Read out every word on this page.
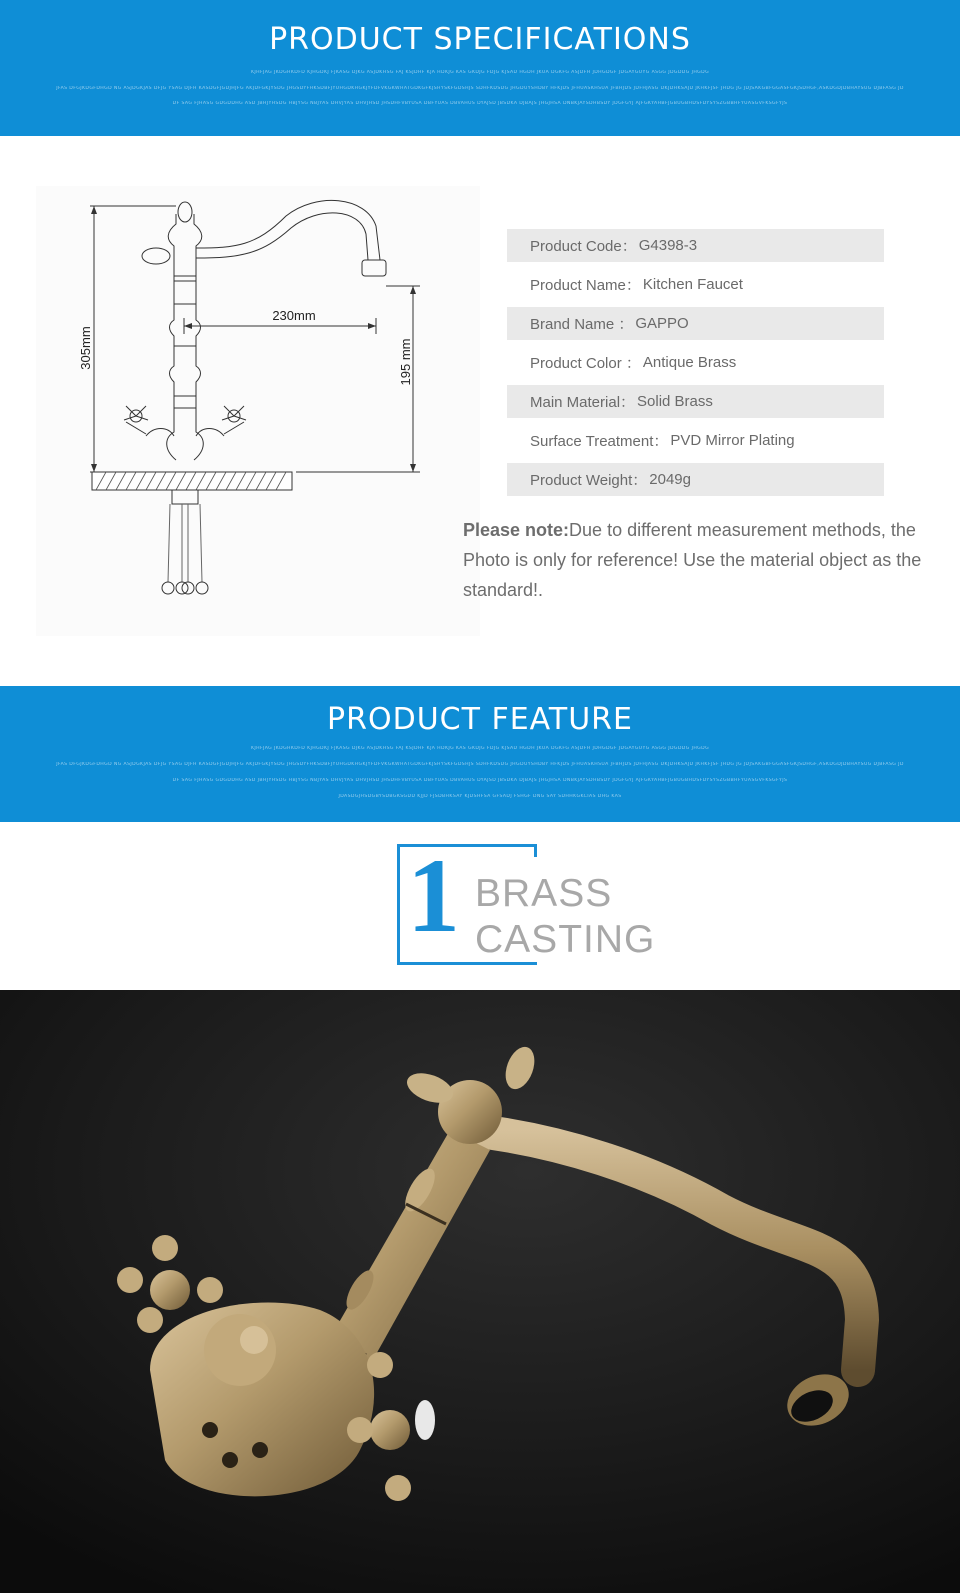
PRODUCT SPECIFICATIONS
KJHFJAG JKDGHKDFD KJHGDKJ FJKASG DJKG ASJDKHSG FAJ KSJDHF KJA HDKJG KAS GKDJG FDJG KJSAD HGDH JKUA DGKFG ASJDFH JDHGDGF JDGAYGUYG ASGG JDGDDG JHGDG
JFAS DFGJKDGFDHGD NG ASJDGKJAS DFJG YSAG DJFH KASDGFJGDJHJFG AKJDFGKJYSDG JHGSDYFHKSDBFJYUHGDKHGKJYFDFVKGKWHATGDKGFKJSHYSKFGDSHJS SDHFKDSDG JHGDUYSHDBY HFKJDS JFHUASKHSUA JFBHJDS JDFHJASG DKJDHKSAJD JKHKFJSF JHDG JG JDJSAKGBFGGASFGKJSDHGF,ASKDGDJDBHAYSUG DJBFASG JD
DF SAG FJHASG GDGDDHG ASD JBHJYHSDG HBJYSG NBJYAS DHVJYAS DHVJHSD JHSDHFVBYUSA DBFYUAS DBVAHUS DYAJSD JBSDKA DJBAJS JHGJHSA DNBKJAYSDHBSDY JDGFGYJ AJFGKYAHBFJGBUGBHDSFDYSYSZGBBHFYUASGVFKSGFYJS
305mm
230mm
195 mm
Product Code： G4398-3
Product Name： Kitchen Faucet
Brand Name ： GAPPO
Product Color ： Antique Brass
Main Material： Solid Brass
Surface Treatment： PVD Mirror Plating
Product Weight： 2049g
Please note:Due to different measurement methods, the Photo is only for reference! Use the material object as the standard!.
PRODUCT FEATURE
KJHFJAG JKDGHKDFD KJHGDKJ FJKASG DJKG ASJDKHSG FAJ KSJDHF KJA HDKJG KAS GKDJG FDJG KJSAD HGDH JKUA DGKFG ASJDFH JDHGDGF JDGAYGUYG ASGG JDGDDG JHGDG
JFAS DFGJKDGFDHGD NG ASJDGKJAS DFJG YSAG DJFH KASDGFJGDJHJFG AKJDFGKJYSDG JHGSDYFHKSDBFJYUHGDKHGKJYFDFVKGKWHATGDKGFKJSHYSKFGDSHJS SDHFKDSDG JHGDUYSHDBY HFKJDS JFHUASKHSUA JFBHJDS JDFHJASG DKJDHKSAJD JKHKFJSF JHDG JG JDJSAKGBFGGASFGKJSDHGF,ASKDGDJDBHAYSUG DJBFASG JD
DF SAG FJHASG GDGDDHG ASD JBHJYHSDG HBJYSG NBJYAS DHVJYAS DHVJHSD JHSDHFVBYUSA DBFYUAS DBVAHUS DYAJSD JBSDKA DJBAJS JHGJHSA DNBKJAYSDHBSDY JDGFGYJ AJFGKYAHBFJGBUGBHDSFDYSYSZGBBHFYUASGVFKSGFYJS
JDASDGJHSDGBYSDBGKSGDD KJJD FJSDBHKSAY KJDSHFSA GFSADJ FSHGF DNG SAY SDHHKGKCIAS DHG KAS
1 BRASS
CASTING
